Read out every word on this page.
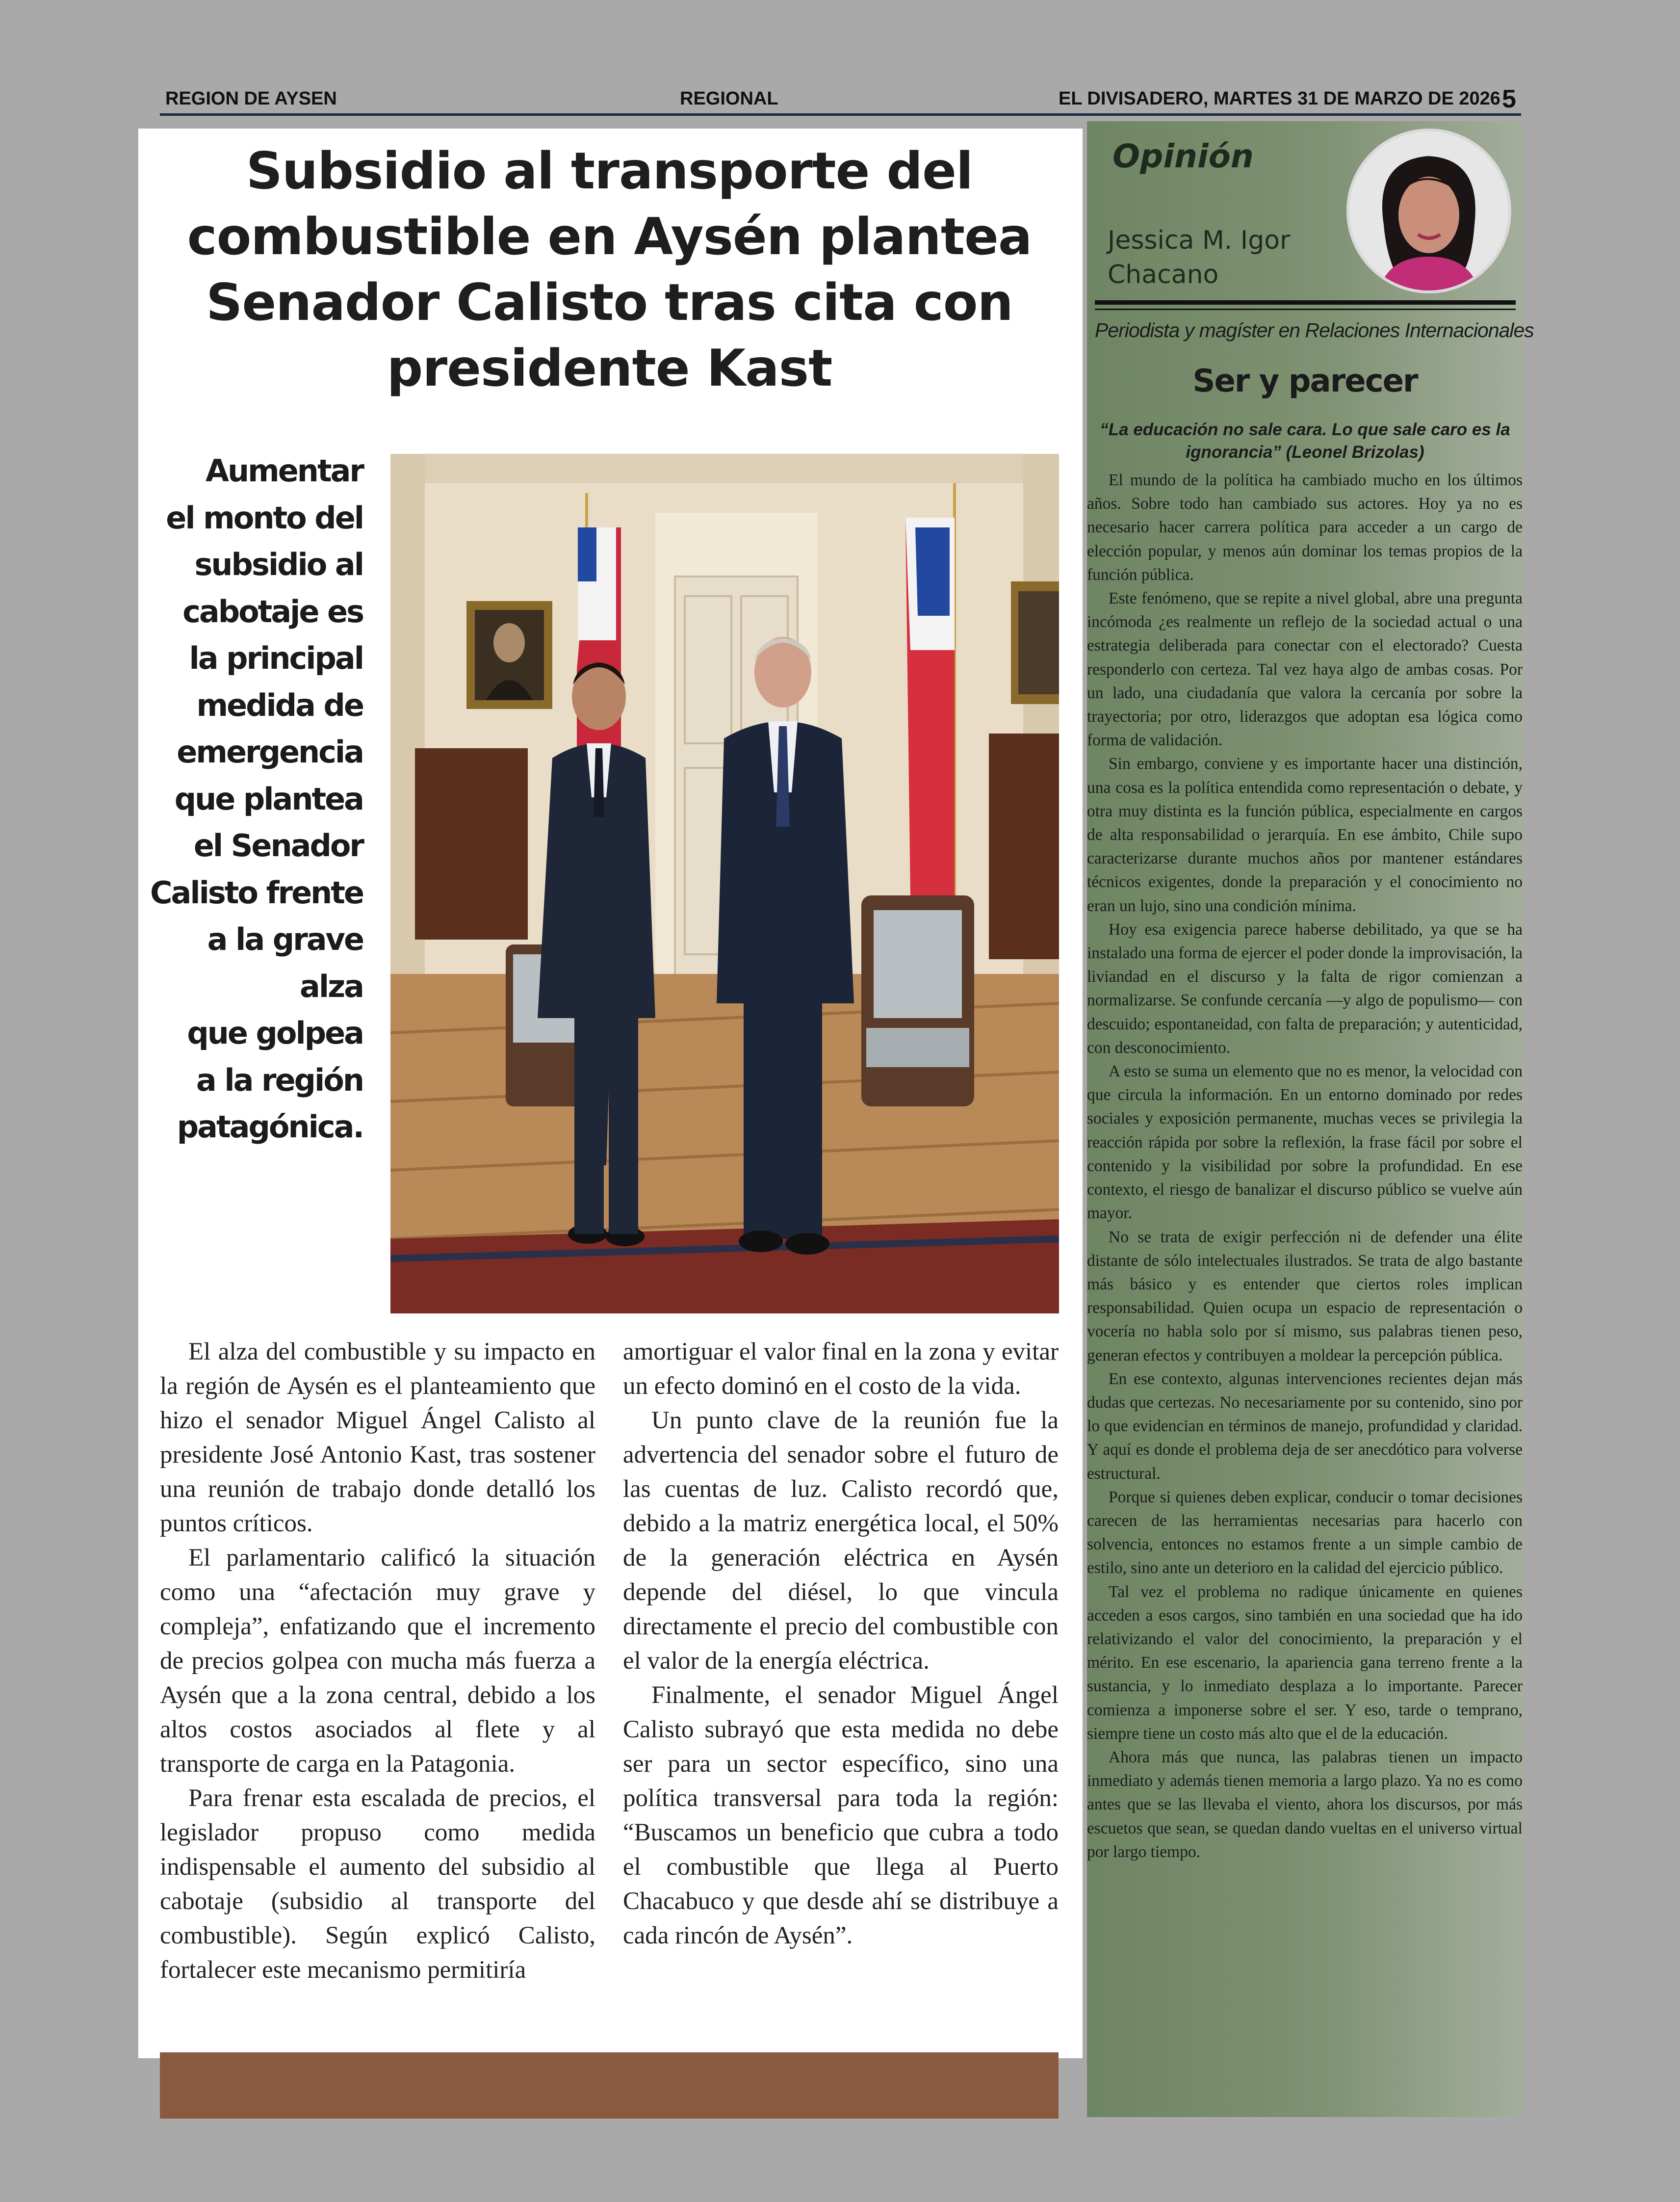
REGION DE AYSEN	REGIONAL	EL DIVISADERO, MARTES 31 DE MARZO DE 2026 5
Subsidio al transporte del
combustible en Aysén plantea
Senador Calisto tras cita con
presidente Kast
Aumentar
el monto del
subsidio al
cabotaje es
la principal
medida de
emergencia
que plantea
el Senador
Calisto frente
a la grave alza
que golpea
a la región
patagónica.

El alza del combustible y su impacto en la región de Aysén es el planteamiento que hizo el senador Miguel Ángel Calisto al presidente José Antonio Kast, tras sostener una reunión de trabajo donde detalló los puntos críticos.

El parlamentario calificó la situación como una “afectación muy grave y compleja”, enfatizando que el incremento de precios golpea con mucha más fuerza a Aysén que a la zona central, debido a los altos costos asociados al flete y al transporte de carga en la Patagonia.

Para frenar esta escalada de precios, el legislador propuso como medida indispensable el aumento del subsidio al cabotaje (subsidio al transporte del combustible). Según explicó Calisto, fortalecer este mecanismo permitiría

amortiguar el valor final en la zona y evitar un efecto dominó en el costo de la vida.

Un punto clave de la reunión fue la advertencia del senador sobre el futuro de las cuentas de luz. Calisto recordó que, debido a la matriz energética local, el 50% de la generación eléctrica en Aysén depende del diésel, lo que vincula directamente el precio del combustible con el valor de la energía eléctrica.

Finalmente, el senador Miguel Ángel Calisto subrayó que esta medida no debe ser para un sector específico, sino una política transversal para toda la región: “Buscamos un beneficio que cubra a todo el combustible que llega al Puerto Chacabuco y que desde ahí se distribuye a cada rincón de Aysén”.

Opinión
Jessica M. Igor
Chacano
Periodista y magíster en Relaciones Internacionales
Ser y parecer
“La educación no sale cara. Lo que sale caro es la ignorancia” (Leonel Brizolas)

El mundo de la política ha cambiado mucho en los últimos años. Sobre todo han cambiado sus actores. Hoy ya no es necesario hacer carrera política para acceder a un cargo de elección popular, y menos aún dominar los temas propios de la función pública.

Este fenómeno, que se repite a nivel global, abre una pregunta incómoda ¿es realmente un reflejo de la sociedad actual o una estrategia deliberada para conectar con el electorado? Cuesta responderlo con certeza. Tal vez haya algo de ambas cosas. Por un lado, una ciudadanía que valora la cercanía por sobre la trayectoria; por otro, liderazgos que adoptan esa lógica como forma de validación.

Sin embargo, conviene y es importante hacer una distinción, una cosa es la política entendida como representación o debate, y otra muy distinta es la función pública, especialmente en cargos de alta responsabilidad o jerarquía. En ese ámbito, Chile supo caracterizarse durante muchos años por mantener estándares técnicos exigentes, donde la preparación y el conocimiento no eran un lujo, sino una condición mínima.

Hoy esa exigencia parece haberse debilitado, ya que se ha instalado una forma de ejercer el poder donde la improvisación, la liviandad en el discurso y la falta de rigor comienzan a normalizarse. Se confunde cercanía —y algo de populismo— con descuido; espontaneidad, con falta de preparación; y autenticidad, con desconocimiento.

A esto se suma un elemento que no es menor, la velocidad con que circula la información. En un entorno dominado por redes sociales y exposición permanente, muchas veces se privilegia la reacción rápida por sobre la reflexión, la frase fácil por sobre el contenido y la visibilidad por sobre la profundidad. En ese contexto, el riesgo de banalizar el discurso público se vuelve aún mayor.

No se trata de exigir perfección ni de defender una élite distante de sólo intelectuales ilustrados. Se trata de algo bastante más básico y es entender que ciertos roles implican responsabilidad. Quien ocupa un espacio de representación o vocería no habla solo por sí mismo, sus palabras tienen peso, generan efectos y contribuyen a moldear la percepción pública.

En ese contexto, algunas intervenciones recientes dejan más dudas que certezas. No necesariamente por su contenido, sino por lo que evidencian en términos de manejo, profundidad y claridad. Y aquí es donde el problema deja de ser anecdótico para volverse estructural.

Porque si quienes deben explicar, conducir o tomar decisiones carecen de las herramientas necesarias para hacerlo con solvencia, entonces no estamos frente a un simple cambio de estilo, sino ante un deterioro en la calidad del ejercicio público.

Tal vez el problema no radique únicamente en quienes acceden a esos cargos, sino también en una sociedad que ha ido relativizando el valor del conocimiento, la preparación y el mérito. En ese escenario, la apariencia gana terreno frente a la sustancia, y lo inmediato desplaza a lo importante. Parecer comienza a imponerse sobre el ser. Y eso, tarde o temprano, siempre tiene un costo más alto que el de la educación.

Ahora más que nunca, las palabras tienen un impacto inmediato y además tienen memoria a largo plazo. Ya no es como antes que se las llevaba el viento, ahora los discursos, por más escuetos que sean, se quedan dando vueltas en el universo virtual por largo tiempo.
